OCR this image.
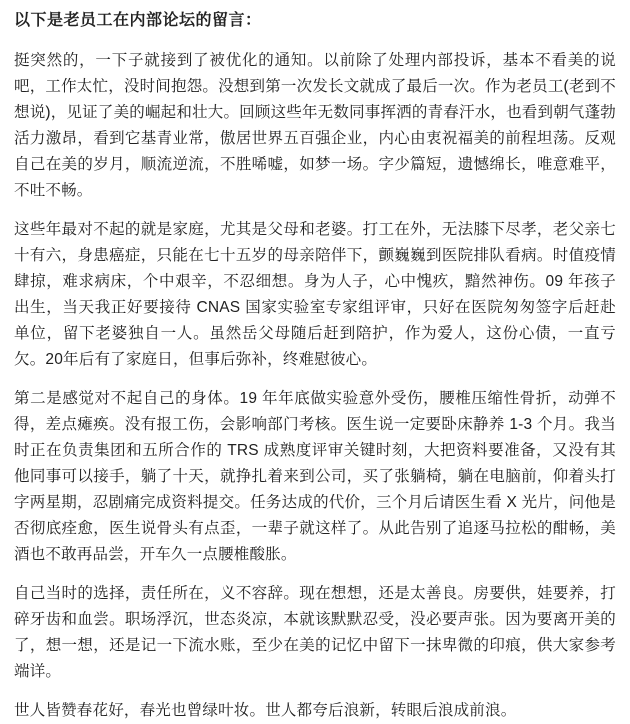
以下是老员工在内部论坛的留言：

挺突然的，一下子就接到了被优化的通知。以前除了处理内部投诉，基本不看美的说吧，工作太忙，没时间抱怨。没想到第一次发长文就成了最后一次。作为老员工(老到不想说)，见证了美的崛起和壮大。回顾这些年无数同事挥洒的青春汗水，也看到朝气蓬勃活力激昂，看到它基青业常，傲居世界五百强企业，内心由衷祝福美的前程坦荡。反观自己在美的岁月，顺流逆流，不胜唏嘘，如梦一场。字少篇短，遗憾绵长，唯意难平，不吐不畅。

这些年最对不起的就是家庭，尤其是父母和老婆。打工在外，无法膝下尽孝，老父亲七十有六，身患癌症，只能在七十五岁的母亲陪伴下，颤巍巍到医院排队看病。时值疫情肆掠，难求病床，个中艰辛，不忍细想。身为人子，心中愧疚，黯然神伤。09 年孩子出生，当天我正好要接待 CNAS 国家实验室专家组评审，只好在医院匆匆签字后赶赴单位，留下老婆独自一人。虽然岳父母随后赶到陪护，作为爱人，这份心债，一直亏欠。20年后有了家庭日，但事后弥补，终难慰彼心。

第二是感觉对不起自己的身体。19 年年底做实验意外受伤，腰椎压缩性骨折，动弹不得，差点瘫痪。没有报工伤，会影响部门考核。医生说一定要卧床静养 1-3 个月。我当时正在负责集团和五所合作的 TRS 成熟度评审关键时刻，大把资料要准备，又没有其他同事可以接手，躺了十天，就挣扎着来到公司，买了张躺椅，躺在电脑前，仰着头打字两星期，忍剧痛完成资料提交。任务达成的代价，三个月后请医生看 X 光片，问他是否彻底痊愈，医生说骨头有点歪，一辈子就这样了。从此告别了追逐马拉松的酣畅，美酒也不敢再品尝，开车久一点腰椎酸胀。

自己当时的选择，责任所在，义不容辞。现在想想，还是太善良。房要供，娃要养，打碎牙齿和血尝。职场浮沉，世态炎凉，本就该默默忍受，没必要声张。因为要离开美的了，想一想，还是记一下流水账，至少在美的记忆中留下一抹卑微的印痕，供大家参考端详。

世人皆赞春花好，春光也曾绿叶妆。世人都夸后浪新，转眼后浪成前浪。
